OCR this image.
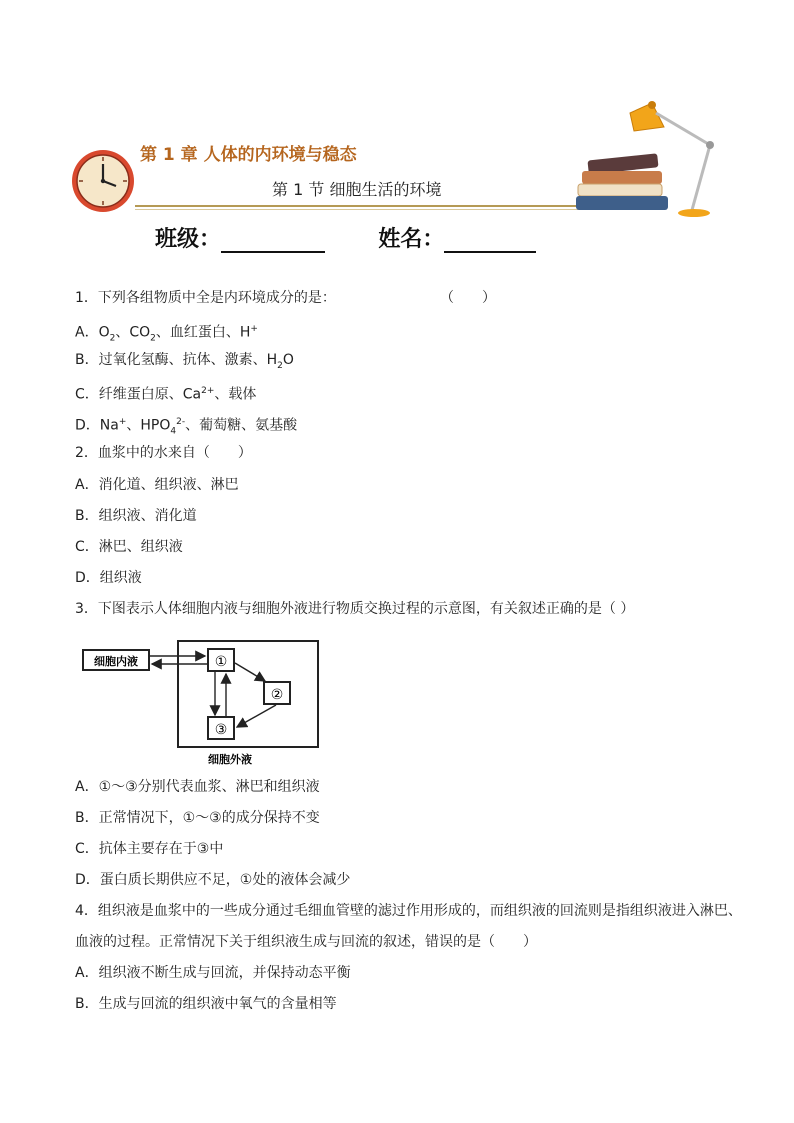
第 1 章 人体的内环境与稳态
第 1 节 细胞生活的环境
班级：	姓名：
1．下列各组物质中全是内环境成分的是：	（　　）
A．$O_2$、$CO_2$、血红蛋白、H+
B．过氧化氢酶、抗体、激素、$H_2O$
C．纤维蛋白原、$Ca^{2+}$、载体
D．Na+、$HPO_4^{2-}$、葡萄糖、氨基酸
2．血浆中的水来自（　　）
A．消化道、组织液、淋巴
B．组织液、消化道
C．淋巴、组织液
D．组织液
3．下图表示人体细胞内液与细胞外液进行物质交换过程的示意图，有关叙述正确的是（ ）
细胞内液	①
②
③
细胞外液
A．①～③分别代表血浆、淋巴和组织液
B．正常情况下，①～③的成分保持不变
C．抗体主要存在于③中
D．蛋白质长期供应不足，①处的液体会减少
4．组织液是血浆中的一些成分通过毛细血管壁的滤过作用形成的，而组织液的回流则是指组织液进入淋巴、
血液的过程。正常情况下关于组织液生成与回流的叙述，错误的是（　　）
A．组织液不断生成与回流，并保持动态平衡
B．生成与回流的组织液中氧气的含量相等
